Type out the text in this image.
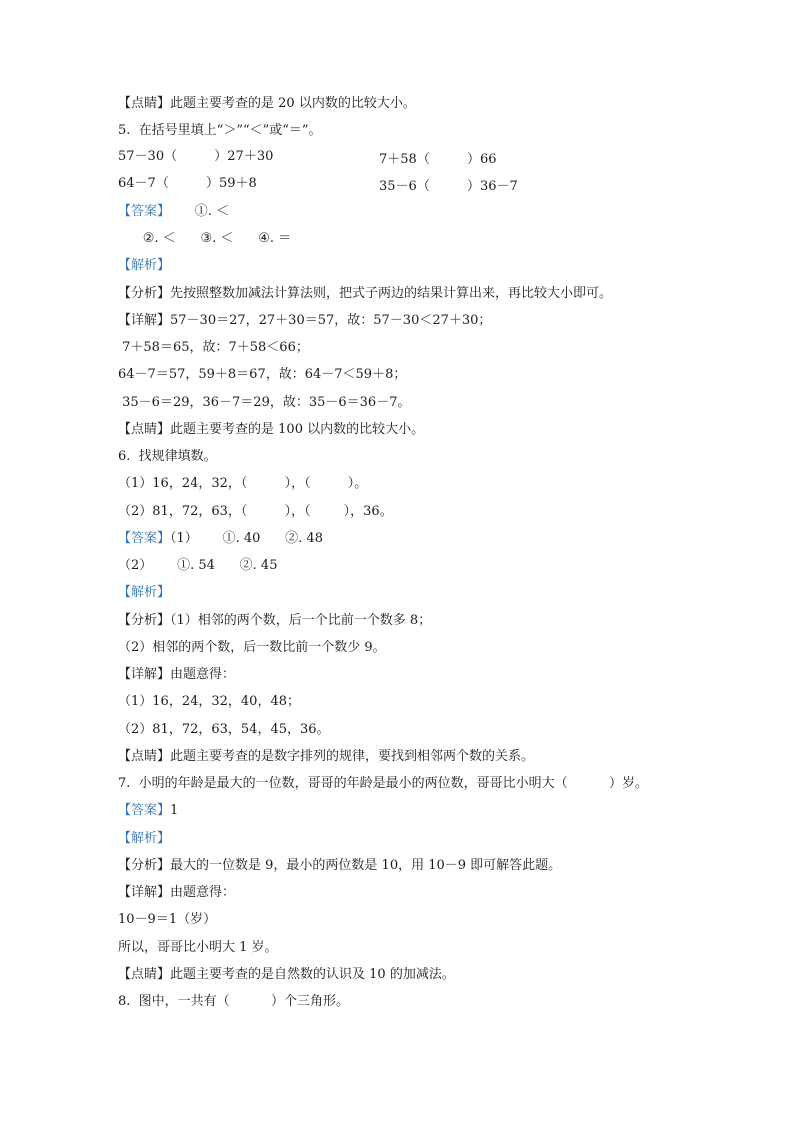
【点睛】此题主要考查的是 20 以内数的比较大小。
5.  在括号里填上“＞”“＜”或“＝”。
57－30（         ）27＋30
64－7（         ）59＋8
【答案】      ①. ＜
②. ＜      ③. ＜      ④. ＝
【解析】
【分析】先按照整数加减法计算法则，把式子两边的结果计算出来，再比较大小即可。
【详解】57－30＝27，27＋30＝57，故：57－30＜27＋30；
7＋58＝65，故：7＋58＜66；
64－7＝57，59＋8＝67，故：64－7＜59＋8；
35－6＝29，36－7＝29，故：35－6＝36－7。
【点睛】此题主要考查的是 100 以内数的比较大小。
6.  找规律填数。
（1）16，24，32，（         ），（         ）。
（2）81，72，63，（         ），（        ），36。
【答案】（1）      ①. 40      ②. 48
（2）      ①. 54      ②. 45
【解析】
【分析】（1）相邻的两个数，后一个比前一个数多 8；
（2）相邻的两个数，后一数比前一个数少 9。
【详解】由题意得：
（1）16，24，32，40，48；
（2）81，72，63，54，45，36。
【点睛】此题主要考查的是数字排列的规律，要找到相邻两个数的关系。
7.  小明的年龄是最大的一位数，哥哥的年龄是最小的两位数，哥哥比小明大（          ）岁。
【答案】1
【解析】
【分析】最大的一位数是 9，最小的两位数是 10，用 10－9 即可解答此题。
【详解】由题意得：
10－9＝1（岁）
所以，哥哥比小明大 1 岁。
【点睛】此题主要考查的是自然数的认识及 10 的加减法。
8.  图中，一共有（          ）个三角形。
7＋58（         ）66
35－6（         ）36－7
